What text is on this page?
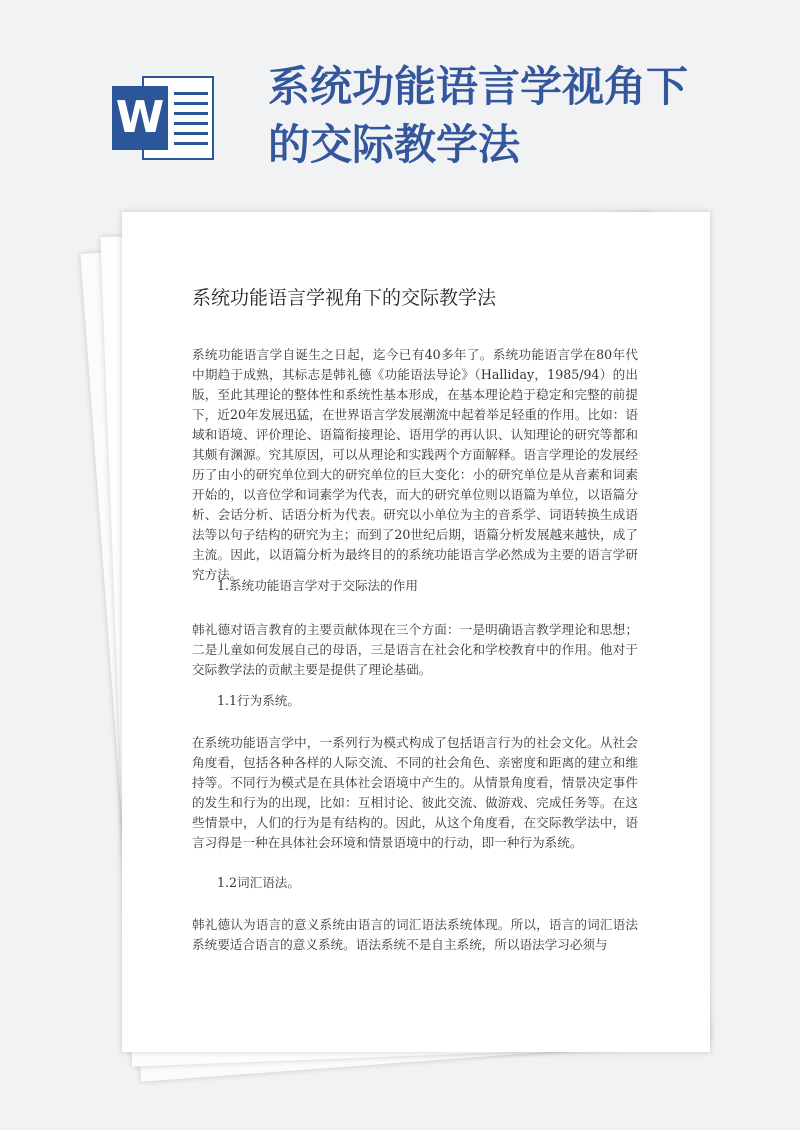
W
系统功能语言学视角下的交际教学法
系统功能语言学视角下的交际教学法
系统功能语言学自诞生之日起，迄今已有40多年了。系统功能语言学在80年代中期趋于成熟，其标志是韩礼德《功能语法导论》（Halliday，1985/94）的出版，至此其理论的整体性和系统性基本形成，在基本理论趋于稳定和完整的前提下，近20年发展迅猛，在世界语言学发展潮流中起着举足轻重的作用。比如：语域和语境、评价理论、语篇衔接理论、语用学的再认识、认知理论的研究等都和其颇有渊源。究其原因，可以从理论和实践两个方面解释。语言学理论的发展经历了由小的研究单位到大的研究单位的巨大变化：小的研究单位是从音素和词素开始的，以音位学和词素学为代表，而大的研究单位则以语篇为单位，以语篇分析、会话分析、话语分析为代表。研究以小单位为主的音系学、词语转换生成语法等以句子结构的研究为主；而到了20世纪后期，语篇分析发展越来越快，成了主流。因此，以语篇分析为最终目的的系统功能语言学必然成为主要的语言学研究方法。
1.系统功能语言学对于交际法的作用
韩礼德对语言教育的主要贡献体现在三个方面：一是明确语言教学理论和思想；二是儿童如何发展自己的母语，三是语言在社会化和学校教育中的作用。他对于交际教学法的贡献主要是提供了理论基础。
1.1行为系统。
在系统功能语言学中，一系列行为模式构成了包括语言行为的社会文化。从社会角度看，包括各种各样的人际交流、不同的社会角色、亲密度和距离的建立和维持等。不同行为模式是在具体社会语境中产生的。从情景角度看，情景决定事件的发生和行为的出现，比如：互相讨论、彼此交流、做游戏、完成任务等。在这些情景中，人们的行为是有结构的。因此，从这个角度看，在交际教学法中，语言习得是一种在具体社会环境和情景语境中的行动，即一种行为系统。
1.2词汇语法。
韩礼德认为语言的意义系统由语言的词汇语法系统体现。所以，语言的词汇语法系统要适合语言的意义系统。语法系统不是自主系统，所以语法学习必须与
